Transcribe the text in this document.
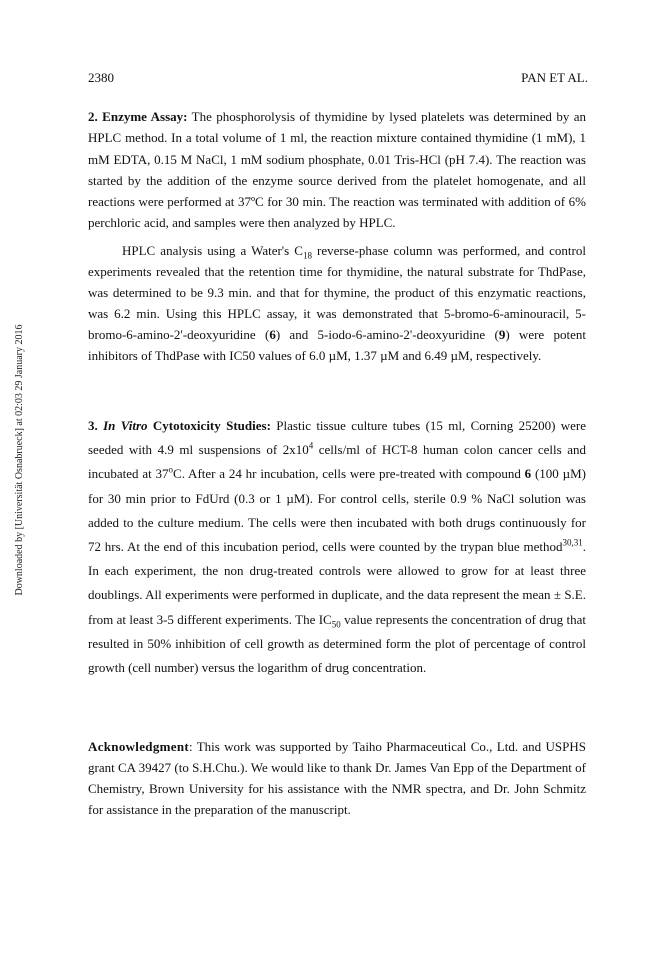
2380	PAN ET AL.
Downloaded by [Universität Osnabrueck] at 02:03 29 January 2016

2. Enzyme Assay: The phosphorolysis of thymidine by lysed platelets was determined by an HPLC method. In a total volume of 1 ml, the reaction mixture contained thymidine (1 mM), 1 mM EDTA, 0.15 M NaCl, 1 mM sodium phosphate, 0.01 Tris-HCl (pH 7.4). The reaction was started by the addition of the enzyme source derived from the platelet homogenate, and all reactions were performed at 37ºC for 30 min. The reaction was terminated with addition of 6% perchloric acid, and samples were then analyzed by HPLC.

HPLC analysis using a Water's $C_{18}$ reverse-phase column was performed, and control experiments revealed that the retention time for thymidine, the natural substrate for ThdPase, was determined to be 9.3 min. and that for thymine, the product of this enzymatic reactions, was 6.2 min. Using this HPLC assay, it was demonstrated that 5-bromo-6-aminouracil, 5-bromo-6-amino-2'-deoxyuridine (6) and 5-iodo-6-amino-2'-deoxyuridine (9) were potent inhibitors of ThdPase with IC50 values of 6.0 µM, 1.37 µM and 6.49 µM, respectively.

3. In Vitro Cytotoxicity Studies: Plastic tissue culture tubes (15 ml, Corning 25200) were seeded with 4.9 ml suspensions of $2x10^4$ cells/ml of HCT-8 human colon cancer cells and incubated at 37$^o$C. After a 24 hr incubation, cells were pre-treated with compound 6 (100 µM) for 30 min prior to FdUrd (0.3 or 1 µM). For control cells, sterile 0.9 % NaCl solution was added to the culture medium. The cells were then incubated with both drugs continuously for 72 hrs. At the end of this incubation period, cells were counted by the trypan blue method$^{30,31}$. In each experiment, the non drug-treated controls were allowed to grow for at least three doublings. All experiments were performed in duplicate, and the data represent the mean ± S.E. from at least 3-5 different experiments. The $IC_{50}$ value represents the concentration of drug that resulted in 50% inhibition of cell growth as determined form the plot of percentage of control growth (cell number) versus the logarithm of drug concentration.

Acknowledgment: This work was supported by Taiho Pharmaceutical Co., Ltd. and USPHS grant CA 39427 (to S.H.Chu.). We would like to thank Dr. James Van Epp of the Department of Chemistry, Brown University for his assistance with the NMR spectra, and Dr. John Schmitz for assistance in the preparation of the manuscript.
